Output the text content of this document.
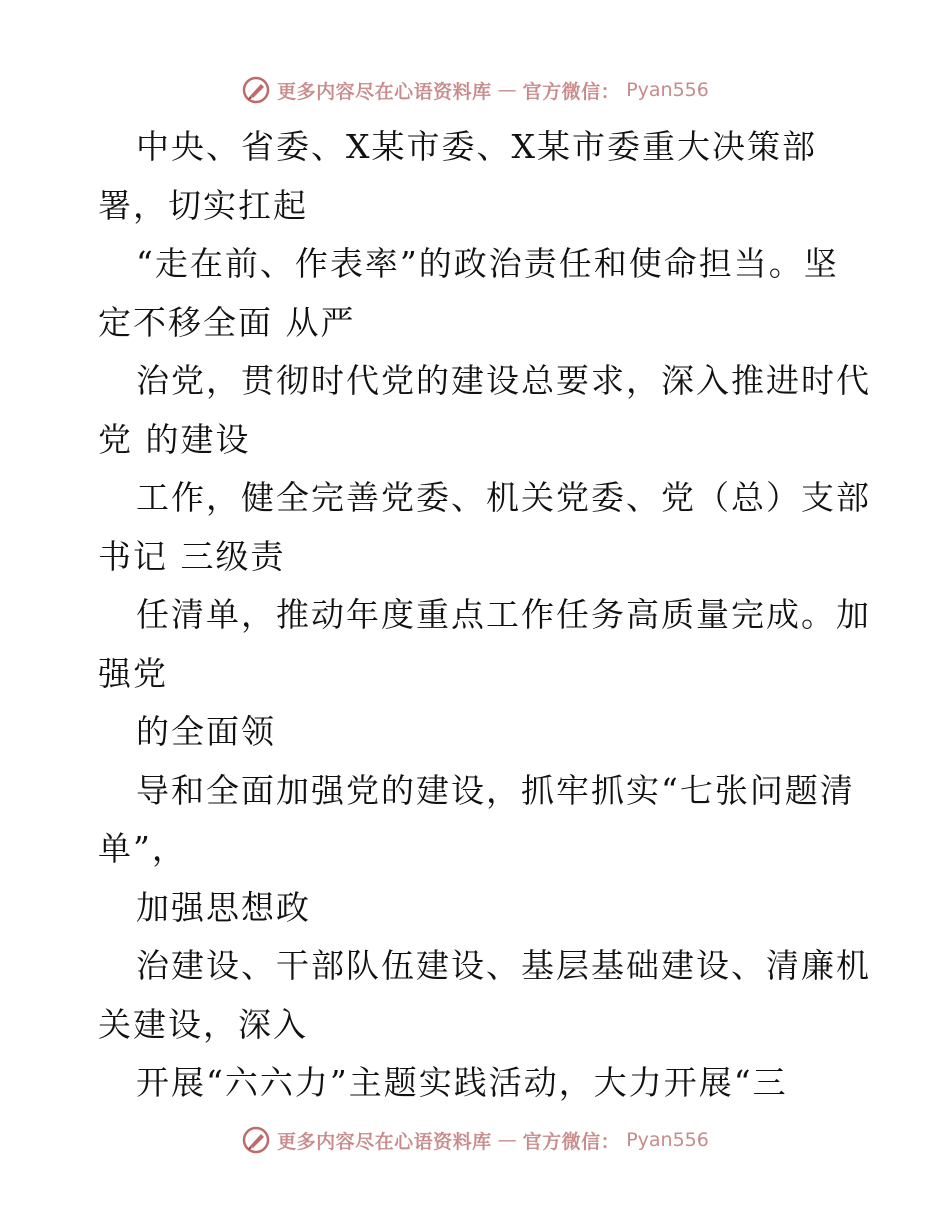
更多内容尽在心语资料库 — 官方微信： Pyan556
中央、省委、X某市委、X某市委重大决策部
署，切实扛起
“走在前、作表率”的政治责任和使命担当。坚
定不移全面 从严
治党，贯彻时代党的建设总要求，深入推进时代
党 的建设
工作，健全完善党委、机关党委、党（总）支部
书记 三级责
任清单，推动年度重点工作任务高质量完成。加
强党
的全面领
导和全面加强党的建设，抓牢抓实“七张问题清
单”，
加强思想政
治建设、干部队伍建设、基层基础建设、清廉机
关建设，深入
开展“六六力”主题实践活动，大力开展“三
更多内容尽在心语资料库 — 官方微信： Pyan556
